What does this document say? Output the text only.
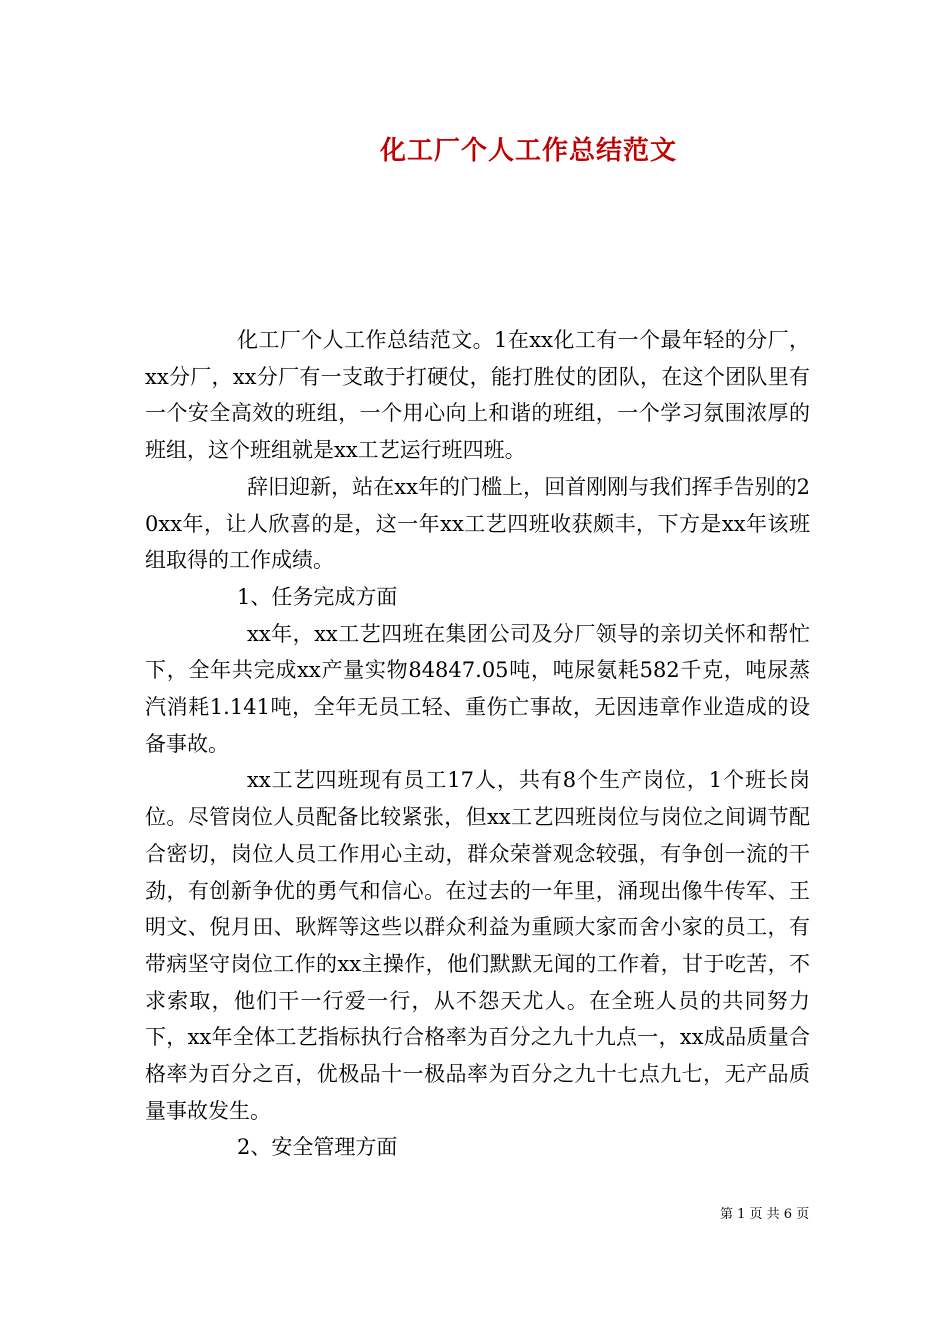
化工厂个人工作总结范文

化工厂个人工作总结范文。1在xx化工有一个最年轻的分厂，xx分厂，xx分厂有一支敢于打硬仗，能打胜仗的团队，在这个团队里有一个安全高效的班组，一个用心向上和谐的班组，一个学习氛围浓厚的班组，这个班组就是xx工艺运行班四班。

辞旧迎新，站在xx年的门槛上，回首刚刚与我们挥手告别的20xx年，让人欣喜的是，这一年xx工艺四班收获颇丰，下方是xx年该班组取得的工作成绩。

1、任务完成方面

xx年，xx工艺四班在集团公司及分厂领导的亲切关怀和帮忙下，全年共完成xx产量实物84847.05吨，吨尿氨耗582千克，吨尿蒸汽消耗1.141吨，全年无员工轻、重伤亡事故，无因违章作业造成的设备事故。

xx工艺四班现有员工17人，共有8个生产岗位，1个班长岗位。尽管岗位人员配备比较紧张，但xx工艺四班岗位与岗位之间调节配合密切，岗位人员工作用心主动，群众荣誉观念较强，有争创一流的干劲，有创新争优的勇气和信心。在过去的一年里，涌现出像牛传军、王明文、倪月田、耿辉等这些以群众利益为重顾大家而舍小家的员工，有带病坚守岗位工作的xx主操作，他们默默无闻的工作着，甘于吃苦，不求索取，他们干一行爱一行，从不怨天尤人。在全班人员的共同努力下，xx年全体工艺指标执行合格率为百分之九十九点一，xx成品质量合格率为百分之百，优极品十一极品率为百分之九十七点九七，无产品质量事故发生。

2、安全管理方面

第 1 页 共 6 页
